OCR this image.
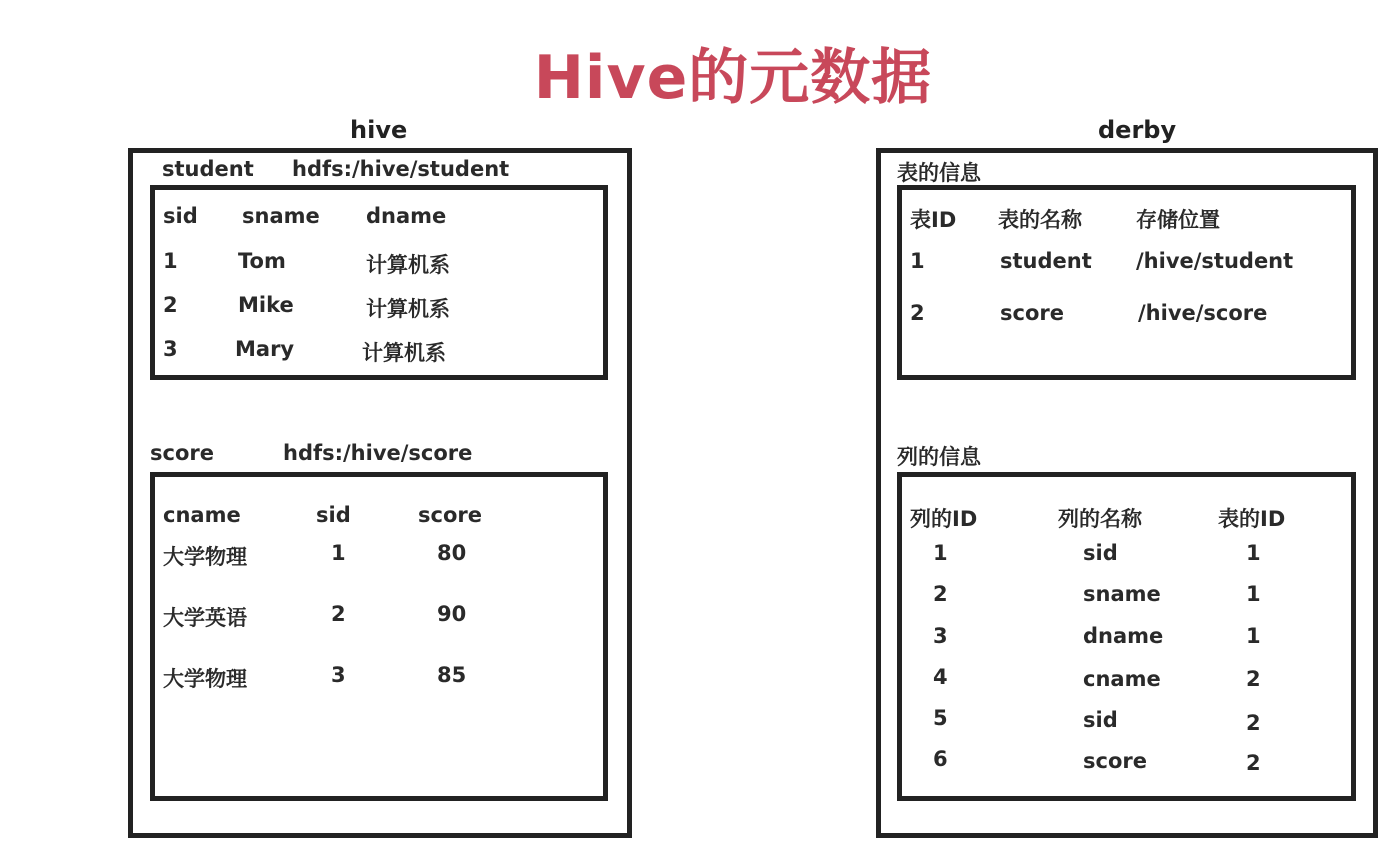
Hive的元数据
hive
student hdfs:/hive/student
sid sname dname
1	Tom	计算机系
2	Mike	计算机系
3	Mary	计算机系
score	hdfs:/hive/score
cname	sid	score
大学物理	1	80
大学英语	2	90
大学物理	3	85
derby
表的信息
表ID 表的名称	存储位置
1	student /hive/student
2	score	/hive/score
列的信息
列的ID	列的名称	表的ID
1	sid	1
2	sname	1
3	dname	1
4	cname	2
5	sid	2
6	score	2
